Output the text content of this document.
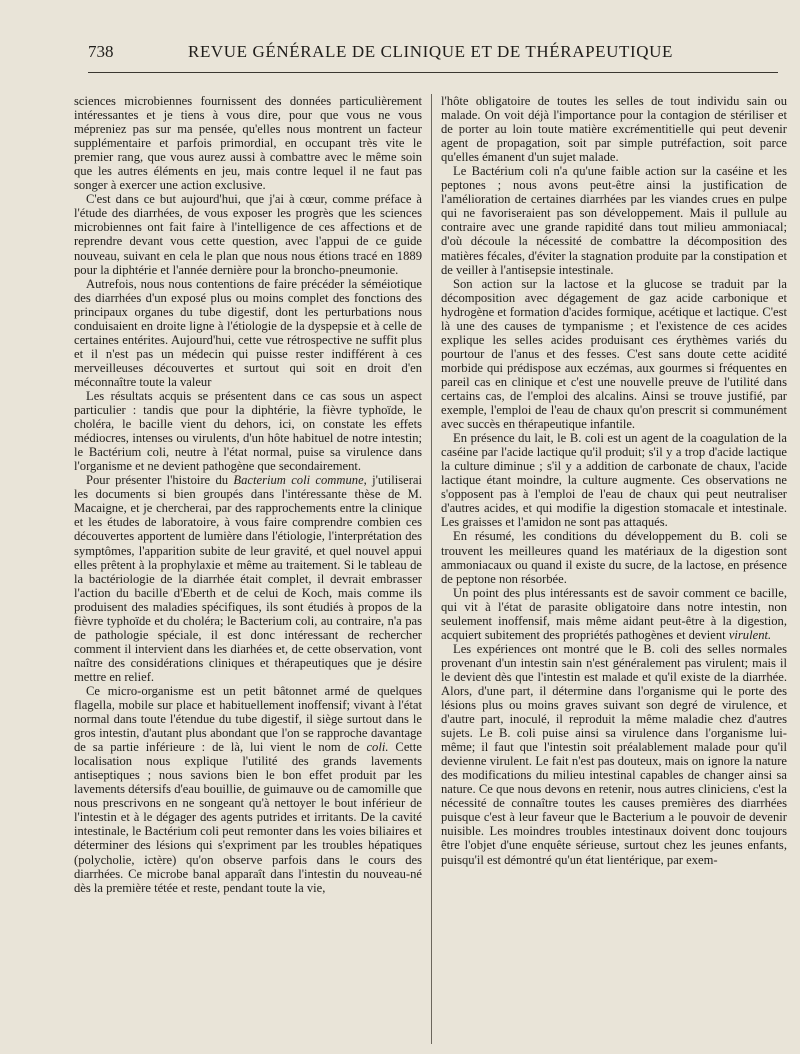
738	REVUE GÉNÉRALE DE CLINIQUE ET DE THÉRAPEUTIQUE

sciences microbiennes fournissent des données particulièrement intéressantes et je tiens à vous dire, pour que vous ne vous mépreniez pas sur ma pensée, qu'elles nous montrent un facteur supplémentaire et parfois primordial, en occupant très vite le premier rang, que vous aurez aussi à combattre avec le même soin que les autres éléments en jeu, mais contre lequel il ne faut pas songer à exercer une action exclusive.

C'est dans ce but aujourd'hui, que j'ai à cœur, comme préface à l'étude des diarrhées, de vous exposer les progrès que les sciences microbiennes ont fait faire à l'intelligence de ces affections et de reprendre devant vous cette question, avec l'appui de ce guide nouveau, suivant en cela le plan que nous nous étions tracé en 1889 pour la diphtérie et l'année dernière pour la broncho-pneumonie.

Autrefois, nous nous contentions de faire précéder la séméiotique des diarrhées d'un exposé plus ou moins complet des fonctions des principaux organes du tube digestif, dont les perturbations nous conduisaient en droite ligne à l'étiologie de la dyspepsie et à celle de certaines entérites. Aujourd'hui, cette vue rétrospective ne suffit plus et il n'est pas un médecin qui puisse rester indifférent à ces merveilleuses découvertes et surtout qui soit en droit d'en méconnaître toute la valeur

Les résultats acquis se présentent dans ce cas sous un aspect particulier : tandis que pour la diphtérie, la fièvre typhoïde, le choléra, le bacille vient du dehors, ici, on constate les effets médiocres, intenses ou virulents, d'un hôte habituel de notre intestin; le Bactérium coli, neutre à l'état normal, puise sa virulence dans l'organisme et ne devient pathogène que secondairement.

Pour présenter l'histoire du Bacterium coli commune, j'utiliserai les documents si bien groupés dans l'intéressante thèse de M. Macaigne, et je chercherai, par des rapprochements entre la clinique et les études de laboratoire, à vous faire comprendre combien ces découvertes apportent de lumière dans l'étiologie, l'interprétation des symptômes, l'apparition subite de leur gravité, et quel nouvel appui elles prêtent à la prophylaxie et même au traitement. Si le tableau de la bactériologie de la diarrhée était complet, il devrait embrasser l'action du bacille d'Eberth et de celui de Koch, mais comme ils produisent des maladies spécifiques, ils sont étudiés à propos de la fièvre typhoïde et du choléra; le Bacterium coli, au contraire, n'a pas de pathologie spéciale, il est donc intéressant de rechercher comment il intervient dans les diarhées et, de cette observation, vont naître des considérations cliniques et thérapeutiques que je désire mettre en relief.

Ce micro-organisme est un petit bâtonnet armé de quelques flagella, mobile sur place et habituellement inoffensif; vivant à l'état normal dans toute l'étendue du tube digestif, il siège surtout dans le gros intestin, d'autant plus abondant que l'on se rapproche davantage de sa partie inférieure : de là, lui vient le nom de coli. Cette localisation nous explique l'utilité des grands lavements antiseptiques ; nous savions bien le bon effet produit par les lavements détersifs d'eau bouillie, de guimauve ou de camomille que nous prescrivons en ne songeant qu'à nettoyer le bout inférieur de l'intestin et à le dégager des agents putrides et irritants. De la cavité intestinale, le Bactérium coli peut remonter dans les voies biliaires et déterminer des lésions qui s'expriment par les troubles hépatiques (polycholie, ictère) qu'on observe parfois dans le cours des diarrhées. Ce microbe banal apparaît dans l'intestin du nouveau-né dès la première tétée et reste, pendant toute la vie,

l'hôte obligatoire de toutes les selles de tout individu sain ou malade. On voit déjà l'importance pour la contagion de stériliser et de porter au loin toute matière excrémentitielle qui peut devenir agent de propagation, soit par simple putréfaction, soit parce qu'elles émanent d'un sujet malade.

Le Bactérium coli n'a qu'une faible action sur la caséine et les peptones ; nous avons peut-être ainsi la justification de l'amélioration de certaines diarrhées par les viandes crues en pulpe qui ne favoriseraient pas son développement. Mais il pullule au contraire avec une grande rapidité dans tout milieu ammoniacal; d'où découle la nécessité de combattre la décomposition des matières fécales, d'éviter la stagnation produite par la constipation et de veiller à l'antisepsie intestinale.

Son action sur la lactose et la glucose se traduit par la décomposition avec dégagement de gaz acide carbonique et hydrogène et formation d'acides formique, acétique et lactique. C'est là une des causes de tympanisme ; et l'existence de ces acides explique les selles acides produisant ces érythèmes variés du pourtour de l'anus et des fesses. C'est sans doute cette acidité morbide qui prédispose aux eczémas, aux gourmes si fréquentes en pareil cas en clinique et c'est une nouvelle preuve de l'utilité dans certains cas, de l'emploi des alcalins. Ainsi se trouve justifié, par exemple, l'emploi de l'eau de chaux qu'on prescrit si communément avec succès en thérapeutique infantile.

En présence du lait, le B. coli est un agent de la coagulation de la caséine par l'acide lactique qu'il produit; s'il y a trop d'acide lactique la culture diminue ; s'il y a addition de carbonate de chaux, l'acide lactique étant moindre, la culture augmente. Ces observations ne s'opposent pas à l'emploi de l'eau de chaux qui peut neutraliser d'autres acides, et qui modifie la digestion stomacale et intestinale. Les graisses et l'amidon ne sont pas attaqués.

En résumé, les conditions du développement du B. coli se trouvent les meilleures quand les matériaux de la digestion sont ammoniacaux ou quand il existe du sucre, de la lactose, en présence de peptone non résorbée.

Un point des plus intéressants est de savoir comment ce bacille, qui vit à l'état de parasite obligatoire dans notre intestin, non seulement inoffensif, mais même aidant peut-être à la digestion, acquiert subitement des propriétés pathogènes et devient virulent.

Les expériences ont montré que le B. coli des selles normales provenant d'un intestin sain n'est généralement pas virulent; mais il le devient dès que l'intestin est malade et qu'il existe de la diarrhée. Alors, d'une part, il détermine dans l'organisme qui le porte des lésions plus ou moins graves suivant son degré de virulence, et d'autre part, inoculé, il reproduit la même maladie chez d'autres sujets. Le B. coli puise ainsi sa virulence dans l'organisme lui-même; il faut que l'intestin soit préalablement malade pour qu'il devienne virulent. Le fait n'est pas douteux, mais on ignore la nature des modifications du milieu intestinal capables de changer ainsi sa nature. Ce que nous devons en retenir, nous autres cliniciens, c'est la nécessité de connaître toutes les causes premières des diarrhées puisque c'est à leur faveur que le Bacterium a le pouvoir de devenir nuisible. Les moindres troubles intestinaux doivent donc toujours être l'objet d'une enquête sérieuse, surtout chez les jeunes enfants, puisqu'il est démontré qu'un état lientérique, par exem-
